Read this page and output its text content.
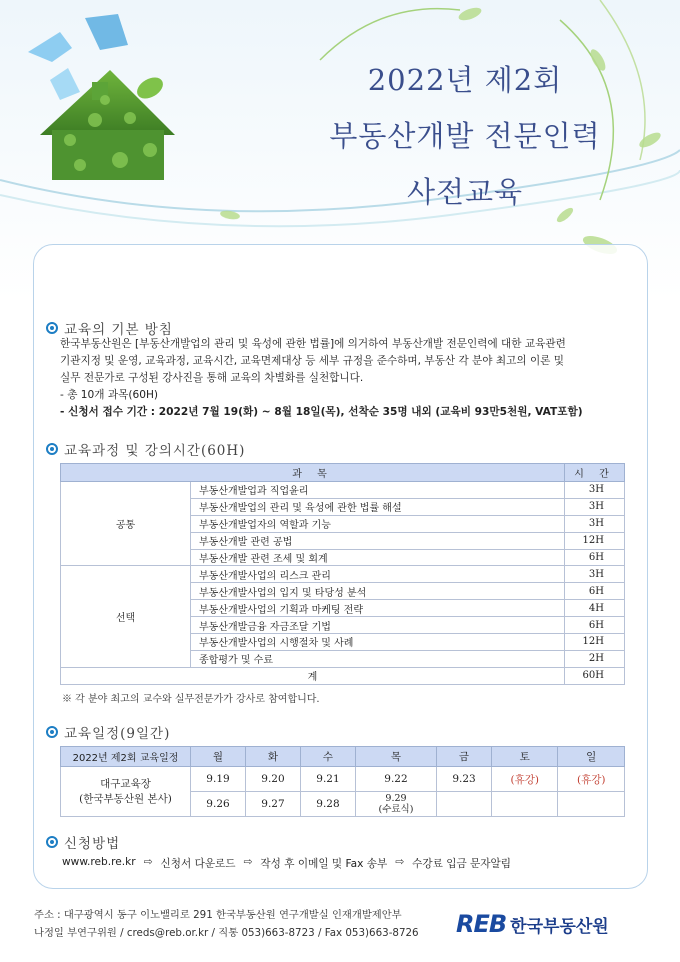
2022년 제2회
부동산개발 전문인력
사전교육
교육의 기본 방침

한국부동산원은 [부동산개발업의 관리 및 육성에 관한 법률]에 의거하여 부동산개발 전문인력에 대한 교육관련

기관지정 및 운영, 교육과정, 교육시간, 교육면제대상 등 세부 규정을 준수하며, 부동산 각 분야 최고의 이론 및

실무 전문가로 구성된 강사진을 통해 교육의 차별화를 실천합니다.

- 총 10개 과목(60H)

- 신청서 접수 기간 : 2022년 7월 19(화) ~ 8월 18일(목), 선착순 35명 내외 (교육비 93만5천원, VAT포함)

교육과정 및 강의시간(60H)
과 목		시 간
공통	부동산개발업과 직업윤리	3H
	부동산개발업의 관리 및 육성에 관한 법률 해설	3H
	부동산개발업자의 역할과 기능	3H
	부동산개발 관련 공법	12H
	부동산개발 관련 조세 및 회계	6H
선택	부동산개발사업의 리스크 관리	3H
	부동산개발사업의 입지 및 타당성 분석	6H
	부동산개발사업의 기획과 마케팅 전략	4H
	부동산개발금융 자금조달 기법	6H
	부동산개발사업의 시행절차 및 사례	12H
	종합평가 및 수료	2H
계		60H
※ 각 분야 최고의 교수와 실무전문가가 강사로 참여합니다.
교육일정(9일간)
2022년 제2회 교육일정	월	화	수	목	금	토	일
대구교육장
(한국부동산원 본사)	9.19	9.20	9.21	9.22	9.23	(휴강)	(휴강)
	9.26	9.27	9.28	9.29
(수료식)			

신청방법
www.reb.re.kr ⇨ 신청서 다운로드 ⇨ 작성 후 이메일 및 Fax 송부 ⇨ 수강료 입금 문자알림
주소 : 대구광역시 동구 이노밸리로 291 한국부동산원 연구개발실 인재개발제안부
나정일 부연구위원 / creds@reb.or.kr / 직통 053)663-8723 / Fax 053)663-8726 REB 한국부동산원
